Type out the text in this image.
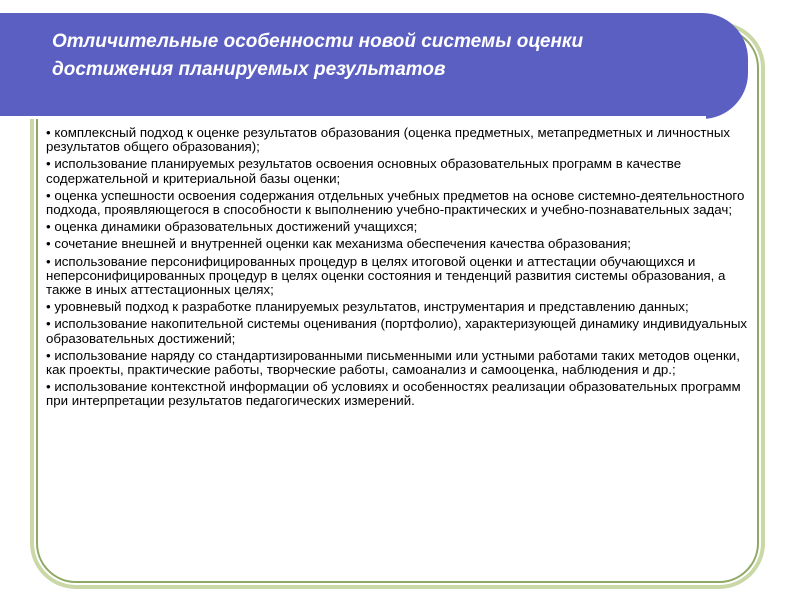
Отличительные особенности новой системы оценки
достижения планируемых результатов
• комплексный подход к оценке результатов образования (оценка предметных, метапредметных и личностных результатов общего образования);
• использование планируемых результатов освоения основных образовательных программ в качестве содержательной и критериальной базы оценки;
• оценка успешности освоения содержания отдельных учебных предметов на основе системно-деятельностного подхода, проявляющегося в способности к выполнению учебно-практических и учебно-познавательных задач;
• оценка динамики образовательных достижений учащихся;
• сочетание внешней и внутренней оценки как механизма обеспечения качества образования;
• использование персонифицированных процедур в целях итоговой оценки и аттестации обучающихся и неперсонифицированных процедур в целях оценки состояния и тенденций развития системы образования, а также в иных аттестационных целях;
• уровневый подход к разработке планируемых результатов, инструментария и представлению данных;
• использование накопительной системы оценивания (портфолио), характеризующей динамику индивидуальных образовательных достижений;
• использование наряду со стандартизированными письменными или устными работами таких методов оценки, как проекты, практические работы, творческие работы, самоанализ и самооценка, наблюдения и др.;
• использование контекстной информации об условиях и особенностях реализации образовательных программ при интерпретации результатов педагогических измерений.
